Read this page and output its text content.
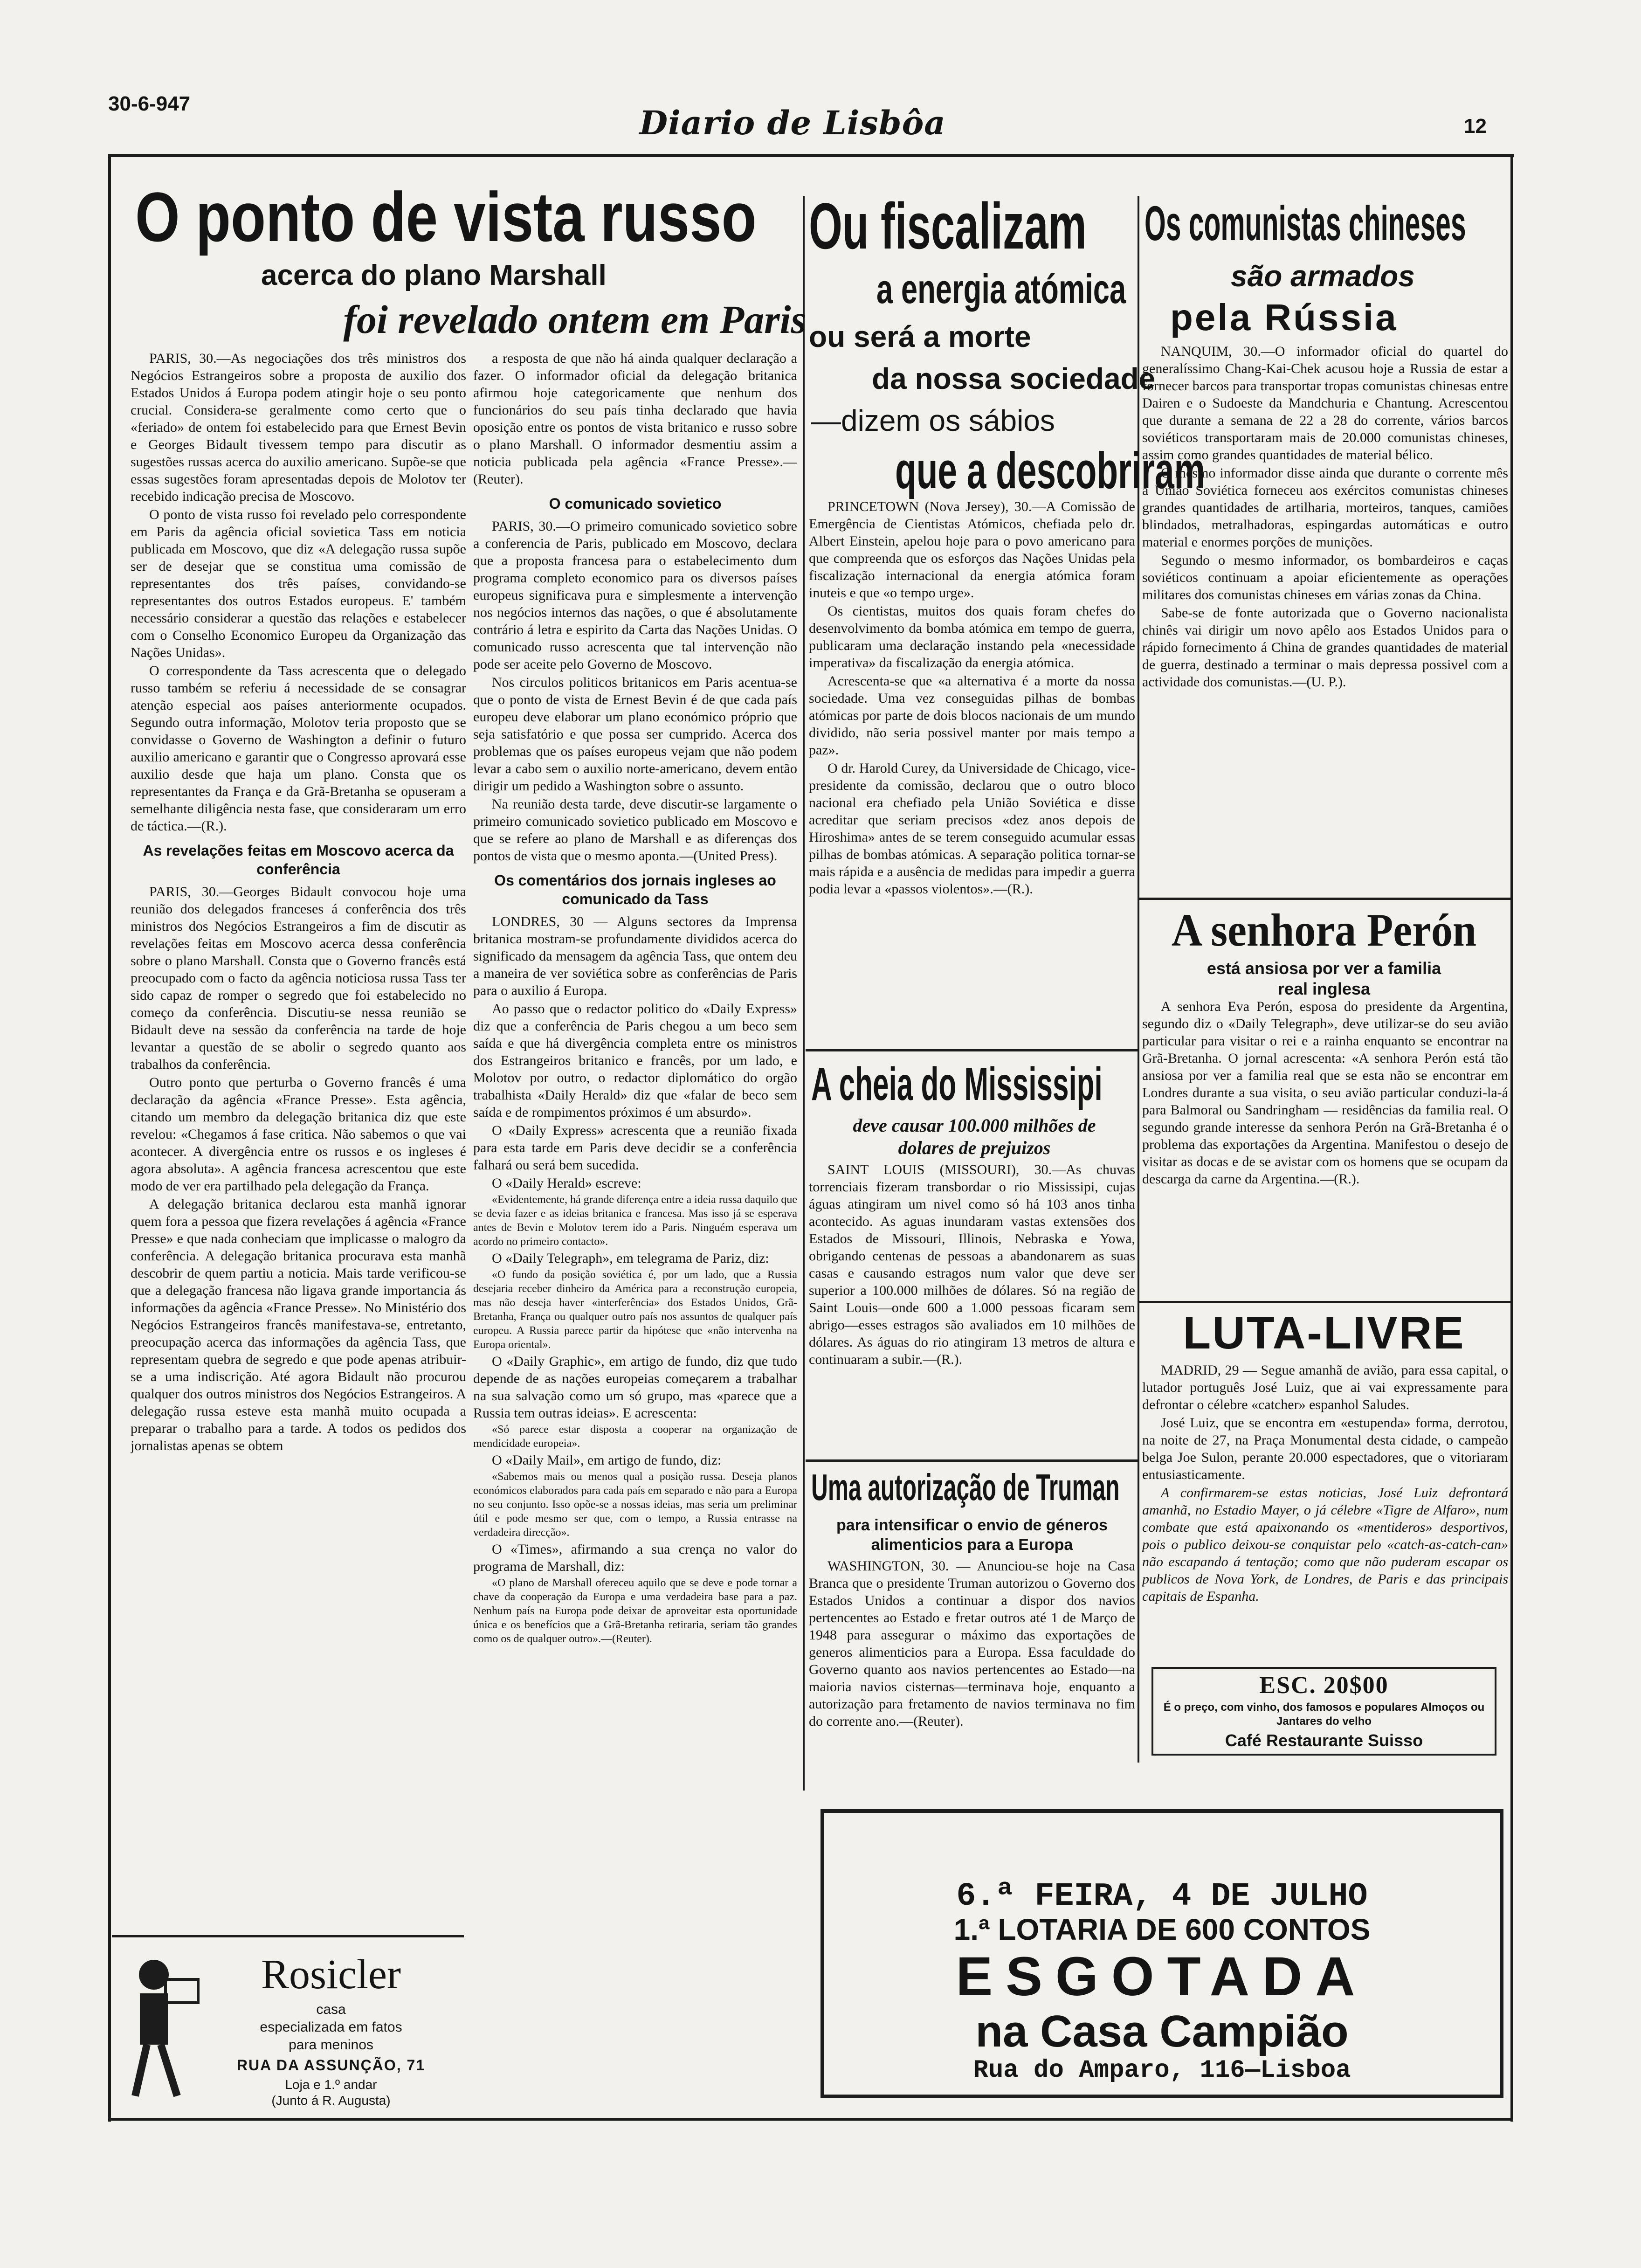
30-6-947	Diario de Lisbôa	12
O ponto de vista russo
acerca do plano Marshall
foi revelado ontem em Paris

PARIS, 30.—As negociações dos três ministros dos Negócios Estrangeiros sobre a proposta de auxilio dos Estados Unidos á Europa podem atingir hoje o seu ponto crucial. Considera-se geralmente como certo que o «feriado» de ontem foi estabelecido para que Ernest Bevin e Georges Bidault tivessem tempo para discutir as sugestões russas acerca do auxilio americano. Supõe-se que essas sugestões foram apresentadas depois de Molotov ter recebido indicação precisa de Moscovo.

O ponto de vista russo foi revelado pelo correspondente em Paris da agência oficial sovietica Tass em noticia publicada em Moscovo, que diz «A delegação russa supõe ser de desejar que se constitua uma comissão de representantes dos três países, convidando-se representantes dos outros Estados europeus. E' também necessário considerar a questão das relações e estabelecer com o Conselho Economico Europeu da Organização das Nações Unidas».

O correspondente da Tass acrescenta que o delegado russo também se referiu á necessidade de se consagrar atenção especial aos países anteriormente ocupados. Segundo outra informação, Molotov teria proposto que se convidasse o Governo de Washington a definir o futuro auxilio americano e garantir que o Congresso aprovará esse auxilio desde que haja um plano. Consta que os representantes da França e da Grã-Bretanha se opuseram a semelhante diligência nesta fase, que consideraram um erro de táctica.—(R.).

As revelações feitas em Moscovo acerca da conferência

PARIS, 30.—Georges Bidault convocou hoje uma reunião dos delegados franceses á conferência dos três ministros dos Negócios Estrangeiros a fim de discutir as revelações feitas em Moscovo acerca dessa conferência sobre o plano Marshall. Consta que o Governo francês está preocupado com o facto da agência noticiosa russa Tass ter sido capaz de romper o segredo que foi estabelecido no começo da conferência. Discutiu-se nessa reunião se Bidault deve na sessão da conferência na tarde de hoje levantar a questão de se abolir o segredo quanto aos trabalhos da conferência.

Outro ponto que perturba o Governo francês é uma declaração da agência «France Presse». Esta agência, citando um membro da delegação britanica diz que este revelou: «Chegamos á fase critica. Não sabemos o que vai acontecer. A divergência entre os russos e os ingleses é agora absoluta». A agência francesa acrescentou que este modo de ver era partilhado pela delegação da França.

A delegação britanica declarou esta manhã ignorar quem fora a pessoa que fizera revelações á agência «France Presse» e que nada conheciam que implicasse o malogro da conferência. A delegação britanica procurava esta manhã descobrir de quem partiu a noticia. Mais tarde verificou-se que a delegação francesa não ligava grande importancia ás informações da agência «France Presse». No Ministério dos Negócios Estrangeiros francês manifestava-se, entretanto, preocupação acerca das informações da agência Tass, que representam quebra de segredo e que pode apenas atribuir-se a uma indiscrição. Até agora Bidault não procurou qualquer dos outros ministros dos Negócios Estrangeiros. A delegação russa esteve esta manhã muito ocupada a preparar o trabalho para a tarde. A todos os pedidos dos jornalistas apenas se obtem

a resposta de que não há ainda qualquer declaração a fazer. O informador oficial da delegação britanica afirmou hoje categoricamente que nenhum dos funcionários do seu país tinha declarado que havia oposição entre os pontos de vista britanico e russo sobre o plano Marshall. O informador desmentiu assim a noticia publicada pela agência «France Presse».—(Reuter).

O comunicado sovietico

PARIS, 30.—O primeiro comunicado sovietico sobre a conferencia de Paris, publicado em Moscovo, declara que a proposta francesa para o estabelecimento dum programa completo economico para os diversos países europeus significava pura e simplesmente a intervenção nos negócios internos das nações, o que é absolutamente contrário á letra e espirito da Carta das Nações Unidas. O comunicado russo acrescenta que tal intervenção não pode ser aceite pelo Governo de Moscovo.

Nos circulos politicos britanicos em Paris acentua-se que o ponto de vista de Ernest Bevin é de que cada país europeu deve elaborar um plano económico próprio que seja satisfatório e que possa ser cumprido. Acerca dos problemas que os países europeus vejam que não podem levar a cabo sem o auxilio norte-americano, devem então dirigir um pedido a Washington sobre o assunto.

Na reunião desta tarde, deve discutir-se largamente o primeiro comunicado sovietico publicado em Moscovo e que se refere ao plano de Marshall e as diferenças dos pontos de vista que o mesmo aponta.—(United Press).

Os comentários dos jornais ingleses ao comunicado da Tass

LONDRES, 30 — Alguns sectores da Imprensa britanica mostram-se profundamente divididos acerca do significado da mensagem da agência Tass, que ontem deu a maneira de ver soviética sobre as conferências de Paris para o auxilio á Europa.

Ao passo que o redactor politico do «Daily Express» diz que a conferência de Paris chegou a um beco sem saída e que há divergência completa entre os ministros dos Estrangeiros britanico e francês, por um lado, e Molotov por outro, o redactor diplomático do orgão trabalhista «Daily Herald» diz que «falar de beco sem saída e de rompimentos próximos é um absurdo».

O «Daily Express» acrescenta que a reunião fixada para esta tarde em Paris deve decidir se a conferência falhará ou será bem sucedida.

O «Daily Herald» escreve:

«Evidentemente, há grande diferença entre a ideia russa daquilo que se devia fazer e as ideias britanica e francesa. Mas isso já se esperava antes de Bevin e Molotov terem ido a Paris. Ninguém esperava um acordo no primeiro contacto».

O «Daily Telegraph», em telegrama de Pariz, diz:

«O fundo da posição soviética é, por um lado, que a Russia desejaria receber dinheiro da América para a reconstrução europeia, mas não deseja haver «interferência» dos Estados Unidos, Grã-Bretanha, França ou qualquer outro país nos assuntos de qualquer país europeu. A Russia parece partir da hipótese que «não intervenha na Europa oriental».

O «Daily Graphic», em artigo de fundo, diz que tudo depende de as nações europeias começarem a trabalhar na sua salvação como um só grupo, mas «parece que a Russia tem outras ideias». E acrescenta:

«Só parece estar disposta a cooperar na organização de mendicidade europeia».

O «Daily Mail», em artigo de fundo, diz:

«Sabemos mais ou menos qual a posição russa. Deseja planos económicos elaborados para cada país em separado e não para a Europa no seu conjunto. Isso opõe-se a nossas ideias, mas seria um preliminar útil e pode mesmo ser que, com o tempo, a Russia entrasse na verdadeira direcção».

O «Times», afirmando a sua crença no valor do programa de Marshall, diz:

«O plano de Marshall ofereceu aquilo que se deve e pode tornar a chave da cooperação da Europa e uma verdadeira base para a paz. Nenhum país na Europa pode deixar de aproveitar esta oportunidade única e os benefícios que a Grã-Bretanha retiraria, seriam tão grandes como os de qualquer outro».—(Reuter).

Rosicler
casa
especializada em fatos
para meninos
RUA DA ASSUNÇÃO, 71
Loja e 1.º andar
(Junto á R. Augusta)
Ou fiscalizam
a energia atómica
ou será a morte
da nossa sociedade
—dizem os sábios
que a descobriram

PRINCETOWN (Nova Jersey), 30.—A Comissão de Emergência de Cientistas Atómicos, chefiada pelo dr. Albert Einstein, apelou hoje para o povo americano para que compreenda que os esforços das Nações Unidas pela fiscalização internacional da energia atómica foram inuteis e que «o tempo urge».

Os cientistas, muitos dos quais foram chefes do desenvolvimento da bomba atómica em tempo de guerra, publicaram uma declaração instando pela «necessidade imperativa» da fiscalização da energia atómica.

Acrescenta-se que «a alternativa é a morte da nossa sociedade. Uma vez conseguidas pilhas de bombas atómicas por parte de dois blocos nacionais de um mundo dividido, não seria possivel manter por mais tempo a paz».

O dr. Harold Curey, da Universidade de Chicago, vice-presidente da comissão, declarou que o outro bloco nacional era chefiado pela União Soviética e disse acreditar que seriam precisos «dez anos depois de Hiroshima» antes de se terem conseguido acumular essas pilhas de bombas atómicas. A separação politica tornar-se mais rápida e a ausência de medidas para impedir a guerra podia levar a «passos violentos».—(R.).

A cheia do Mississipi
deve causar 100.000 milhões de dolares de prejuizos

SAINT LOUIS (MISSOURI), 30.—As chuvas torrenciais fizeram transbordar o rio Mississipi, cujas águas atingiram um nivel como só há 103 anos tinha acontecido. As aguas inundaram vastas extensões dos Estados de Missouri, Illinois, Nebraska e Yowa, obrigando centenas de pessoas a abandonarem as suas casas e causando estragos num valor que deve ser superior a 100.000 milhões de dólares. Só na região de Saint Louis—onde 600 a 1.000 pessoas ficaram sem abrigo—esses estragos são avaliados em 10 milhões de dólares. As águas do rio atingiram 13 metros de altura e continuaram a subir.—(R.).

Uma autorização de Truman
para intensificar o envio de géneros alimenticios para a Europa

WASHINGTON, 30. — Anunciou-se hoje na Casa Branca que o presidente Truman autorizou o Governo dos Estados Unidos a continuar a dispor dos navios pertencentes ao Estado e fretar outros até 1 de Março de 1948 para assegurar o máximo das exportações de generos alimenticios para a Europa. Essa faculdade do Governo quanto aos navios pertencentes ao Estado—na maioria navios cisternas—terminava hoje, enquanto a autorização para fretamento de navios terminava no fim do corrente ano.—(Reuter).

Os comunistas chineses
são armados
pela Rússia

NANQUIM, 30.—O informador oficial do quartel do generalíssimo Chang-Kai-Chek acusou hoje a Russia de estar a fornecer barcos para transportar tropas comunistas chinesas entre Dairen e o Sudoeste da Mandchuria e Chantung. Acrescentou que durante a semana de 22 a 28 do corrente, vários barcos soviéticos transportaram mais de 20.000 comunistas chineses, assim como grandes quantidades de material bélico.

O mesmo informador disse ainda que durante o corrente mês a União Soviética forneceu aos exércitos comunistas chineses grandes quantidades de artilharia, morteiros, tanques, camiões blindados, metralhadoras, espingardas automáticas e outro material e enormes porções de munições.

Segundo o mesmo informador, os bombardeiros e caças soviéticos continuam a apoiar eficientemente as operações militares dos comunistas chineses em várias zonas da China.

Sabe-se de fonte autorizada que o Governo nacionalista chinês vai dirigir um novo apêlo aos Estados Unidos para o rápido fornecimento á China de grandes quantidades de material de guerra, destinado a terminar o mais depressa possivel com a actividade dos comunistas.—(U. P.).

A senhora Perón
está ansiosa por ver a familia real inglesa

A senhora Eva Perón, esposa do presidente da Argentina, segundo diz o «Daily Telegraph», deve utilizar-se do seu avião particular para visitar o rei e a rainha enquanto se encontrar na Grã-Bretanha. O jornal acrescenta: «A senhora Perón está tão ansiosa por ver a familia real que se esta não se encontrar em Londres durante a sua visita, o seu avião particular conduzi-la-á para Balmoral ou Sandringham — residências da familia real. O segundo grande interesse da senhora Perón na Grã-Bretanha é o problema das exportações da Argentina. Manifestou o desejo de visitar as docas e de se avistar com os homens que se ocupam da descarga da carne da Argentina.—(R.).

LUTA-LIVRE

MADRID, 29 — Segue amanhã de avião, para essa capital, o lutador português José Luiz, que ai vai expressamente para defrontar o célebre «catcher» espanhol Saludes.

José Luiz, que se encontra em «estupenda» forma, derrotou, na noite de 27, na Praça Monumental desta cidade, o campeão belga Joe Sulon, perante 20.000 espectadores, que o vitoriaram entusiasticamente.

A confirmarem-se estas noticias, José Luiz defrontará amanhã, no Estadio Mayer, o já célebre «Tigre de Alfaro», num combate que está apaixonando os «mentideros» desportivos, pois o publico deixou-se conquistar pelo «catch-as-catch-can» não escapando á tentação; como que não puderam escapar os publicos de Nova York, de Londres, de Paris e das principais capitais de Espanha.

ESC. 20$00
É o preço, com vinho, dos famosos e populares Almoços ou Jantares do velho
Café Restaurante Suisso
6.ª FEIRA, 4 DE JULHO
1.ª LOTARIA DE 600 CONTOS
ESGOTADA
na Casa Campião
Rua do Amparo, 116—Lisboa
